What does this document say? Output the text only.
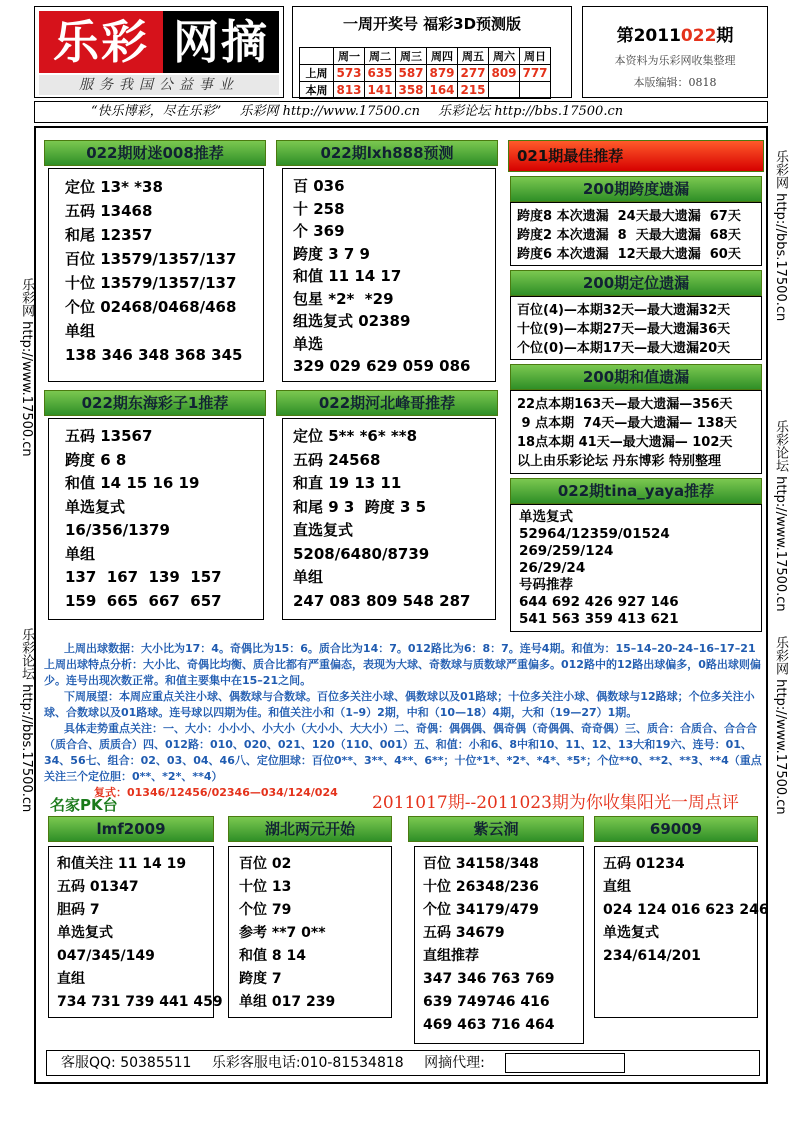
乐彩 网摘
服务我国公益事业
一周开奖号 福彩3D预测版
	周一	周二	周三	周四	周五	周六	周日
上周	573	635	587	879	277	809	777
本周	813	141	358	164	215		
第2011022期
本资料为乐彩网收集整理
本版编辑：0818
“快乐博彩，尽在乐彩” 乐彩网 http://www.17500.cn 乐彩论坛 http://bbs.17500.cn
乐彩网 http://www.17500.cn
乐彩论坛 http://bbs.17500.cn
乐彩网 http://bbs.17500.cn
乐彩论坛 http://www.17500.cn
乐彩网 http://www.17500.cn
022期财迷008推荐
定位 13* *38
五码 13468
和尾 12357
百位 13579/1357/137
十位 13579/1357/137
个位 02468/0468/468
单组
138 346 348 368 345
022期lxh888预测
百 036
十 258
个 369
跨度 3 7 9
和值 11 14 17
包星 *2*  *29
组选复式 02389
单选
329 029 629 059 086
022期东海彩子1推荐
五码 13567
跨度 6 8
和值 14 15 16 19
单选复式
16/356/1379
单组
137  167  139  157
159  665  667  657
022期河北峰哥推荐
定位 5** *6* **8
五码 24568
和直 19 13 11
和尾 9 3  跨度 3 5
直选复式
5208/6480/8739
单组
247 083 809 548 287
021期最佳推荐
200期跨度遗漏
跨度8 本次遗漏  24天最大遗漏  67天
跨度2 本次遗漏  8  天最大遗漏  68天
跨度6 本次遗漏  12天最大遗漏  60天
200期定位遗漏
百位(4)—本期32天—最大遗漏32天
十位(9)—本期27天—最大遗漏36天
个位(0)—本期17天—最大遗漏20天
200期和值遗漏
22点本期163天—最大遗漏—356天
9 点本期  74天—最大遗漏— 138天
18点本期 41天—最大遗漏— 102天
以上由乐彩论坛 丹东博彩 特别整理
022期tina_yaya推荐
单选复式
52964/12359/01524
269/259/124
26/29/24
号码推荐
644 692 426 927 146
541 563 359 413 621

上周出球数据：大小比为17：4。奇偶比为15：6。质合比为14：7。012路比为6：8：7。连号4期。和值为：15–14–20–24–16–17–21 上周出球特点分析：大小比、奇偶比均衡、质合比都有严重偏态，表现为大球、奇数球与质数球严重偏多。012路中的12路出球偏多，0路出球则偏少。连号出现次数正常。和值主要集中在15–21之间。

下周展望：本周应重点关注小球、偶数球与合数球。百位多关注小球、偶数球以及01路球；十位多关注小球、偶数球与12路球；个位多关注小球、合数球以及01路球。连号球以四期为佳。和值关注小和（1–9）2期，中和（10—18）4期，大和（19—27）1期。

具体走势重点关注：一、大小：小小小、小大小（大小小、大大小）二、奇偶：偶偶偶、偶奇偶（奇偶偶、奇奇偶）三、质合：合质合、合合合（质合合、质质合）四、012路：010、020、021、120（110、001）五、和值：小和6、8中和10、11、12、13大和19六、连号：01、34、56七、组合：02、03、04、46八、定位胆球：百位0**、3**、4**、6**；十位*1*、*2*、*4*、*5*；个位**0、**2、**3、**4（重点关注三个定位胆：0**、*2*、**4）

复式：01346/12456/02346—034/124/024

名家PK台	2011017期--2011023期为你收集阳光一周点评
lmf2009
和值关注 11 14 19
五码 01347
胆码 7
单选复式
047/345/149
直组
734 731 739 441 459
湖北两元开始
百位 02
十位 13
个位 79
参考 **7 0**
和值 8 14
跨度 7
单组 017 239
紫云涧
百位 34158/348
十位 26348/236
个位 34179/479
五码 34679
直组推荐
347 346 763 769
639 749746 416
469 463 716 464
69009
五码 01234
直组
024 124 016 623 246
单选复式
234/614/201
客服QQ: 50385511 乐彩客服电话:010-81534818 网摘代理:
